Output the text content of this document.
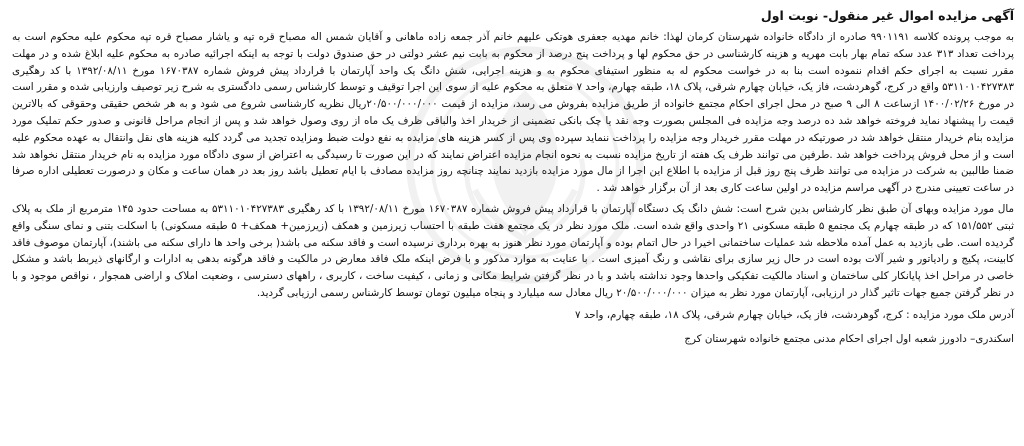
آگهی مزایده اموال غیر منقول- نوبت اول

به موجب پرونده کلاسه ۹۹۰۱۱۹۱ صادره از دادگاه خانواده شهرستان کرمان لهذا: خانم مهدیه جعفری هوتکی علیهم خانم آذر جمعه زاده ماهانی و آقایان شمس اله مصباح قره تپه و یاشار مصباح قره تپه محکوم علیه محکوم است به پرداخت تعداد ۳۱۳ عدد سکه تمام بهار بابت مهریه و هزینه کارشناسی در حق محکوم لها و پرداخت پنج درصد از محکوم به بابت نیم عشر دولتی در حق صندوق دولت با توجه به اینکه اجرائیه صادره به محکوم علیه ابلاغ شده و در مهلت مقرر نسبت به اجرای حکم اقدام ننموده است بنا به در خواست محکوم له به منظور استیفای محکوم به و هزینه اجرایی، شش دانگ یک واحد آپارتمان با قرارداد پیش فروش شماره ۱۶۷۰۳۸۷ مورخ ۱۳۹۲/۰۸/۱۱ با کد رهگیری ۵۳۱۱۰۱۰۴۲۷۳۸۳ واقع در کرج، گوهردشت، فاز یک، خیابان چهارم شرقی، پلاک ۱۸، طبقه چهارم، واحد ۷ متعلق به محکوم علیه از سوی این اجرا توقیف و توسط کارشناس رسمی دادگستری به شرح زیر توصیف وارزیابی شده و مقرر است در مورخ ۱۴۰۰/۰۲/۲۶ ازساعت ۸ الی ۹ صبح در محل اجرای احکام مجتمع خانواده از طریق مزایده بفروش می رسد، مزایده از قیمت ۲۰/۵۰۰/۰۰۰/۰۰۰ریال نظریه کارشناسی شروع می شود و به هر شخص حقیقی وحقوقی که بالاترین قیمت را پیشنهاد نماید فروخته خواهد شد ده درصد وجه مزایده فی المجلس بصورت وجه نقد یا چک بانکی تضمینی از خریدار اخذ والباقی ظرف یک ماه از روی وصول خواهد شد و پس از انجام مراحل قانونی و صدور حکم تملیک مورد مزایده بنام خریدار منتقل خواهد شد در صورتیکه در مهلت مقرر خریدار وجه مزایده را پرداخت ننماید سپرده وی پس از کسر هزینه های مزایده به نفع دولت ضبط ومزایده تجدید می گردد کلیه هزینه های نقل وانتقال به عهده محکوم علیه است و از محل فروش پرداخت خواهد شد .طرفین می توانند ظرف یک هفته از تاریخ مزایده نسبت به نحوه انجام مزایده اعتراض نمایند که در این صورت تا رسیدگی به اعتراض از سوی دادگاه مورد مزایده به نام خریدار منتقل نخواهد شد ضمنا طالبین به شرکت در مزایده می توانند ظرف پنج روز قبل از مزایده با اطلاع این اجرا از مال مورد مزایده بازدید نمایند چنانچه روز مزایده مصادف با ایام تعطیل باشد روز بعد در همان ساعت و مکان و درصورت تعطیلی اداره صرفا در ساعت تعیینی مندرج در آگهی مراسم مزایده در اولین ساعت کاری بعد از آن برگزار خواهد شد .

مال مورد مزایده وبهای آن طبق نظر کارشناس بدین شرح است: شش دانگ یک دستگاه آپارتمان با قرارداد پیش فروش شماره ۱۶۷۰۳۸۷ مورخ ۱۳۹۲/۰۸/۱۱ با کد رهگیری ۵۳۱۱۰۱۰۴۲۷۳۸۳ به مساحت حدود ۱۴۵ مترمربع از ملک به پلاک ثبتی ۱۵۱/۵۵۲ که در طبقه چهارم یک مجتمع ۵ طبقه مسکونی ۲۱ واحدی واقع شده است. ملک مورد نظر در یک مجتمع هفت طبقه با احتساب زیرزمین و همکف (زیرزمین+ همکف+ ۵ طبقه مسکونی) با اسکلت بتنی و نمای سنگی واقع گردیده است. طی بازدید به عمل آمده ملاحظه شد عملیات ساختمانی اخیرا در حال اتمام بوده و آپارتمان مورد نظر هنوز به بهره برداری نرسیده است و فاقد سکنه می باشد( برخی واحد ها دارای سکنه می باشند)، آپارتمان موصوف فاقد کابینت، پکیج و رادیاتور و شیر آلات بوده است در حال زیر سازی برای نقاشی و رنگ آمیزی است . با عنایت به موارد مذکور و با فرض اینکه ملک فاقد معارض در مالکیت و فاقد هرگونه بدهی به ادارات و ارگانهای ذیربط باشد و مشکل خاصی در مراحل اخذ پایانکار کلی ساختمان و اسناد مالکیت تفکیکی واحدها وجود نداشته باشد و با در نظر گرفتن شرایط مکانی و زمانی ، کیفیت ساخت ، کاربری ، راههای دسترسی ، وضعیت املاک و اراضی همجوار ، نواقص موجود و با در نظر گرفتن جمیع جهات تاثیر گذار در ارزیابی، آپارتمان مورد نظر به میزان ۲۰/۵۰۰/۰۰۰/۰۰۰ ریال معادل سه میلیارد و پنجاه میلیون تومان توسط کارشناس رسمی ارزیابی گردید.

آدرس ملک مورد مزایده : کرج، گوهردشت، فاز یک، خیابان چهارم شرقی، پلاک ۱۸، طبقه چهارم، واحد ۷
اسکندری– دادورز شعبه اول اجرای احکام مدنی مجتمع خانواده شهرستان کرج
